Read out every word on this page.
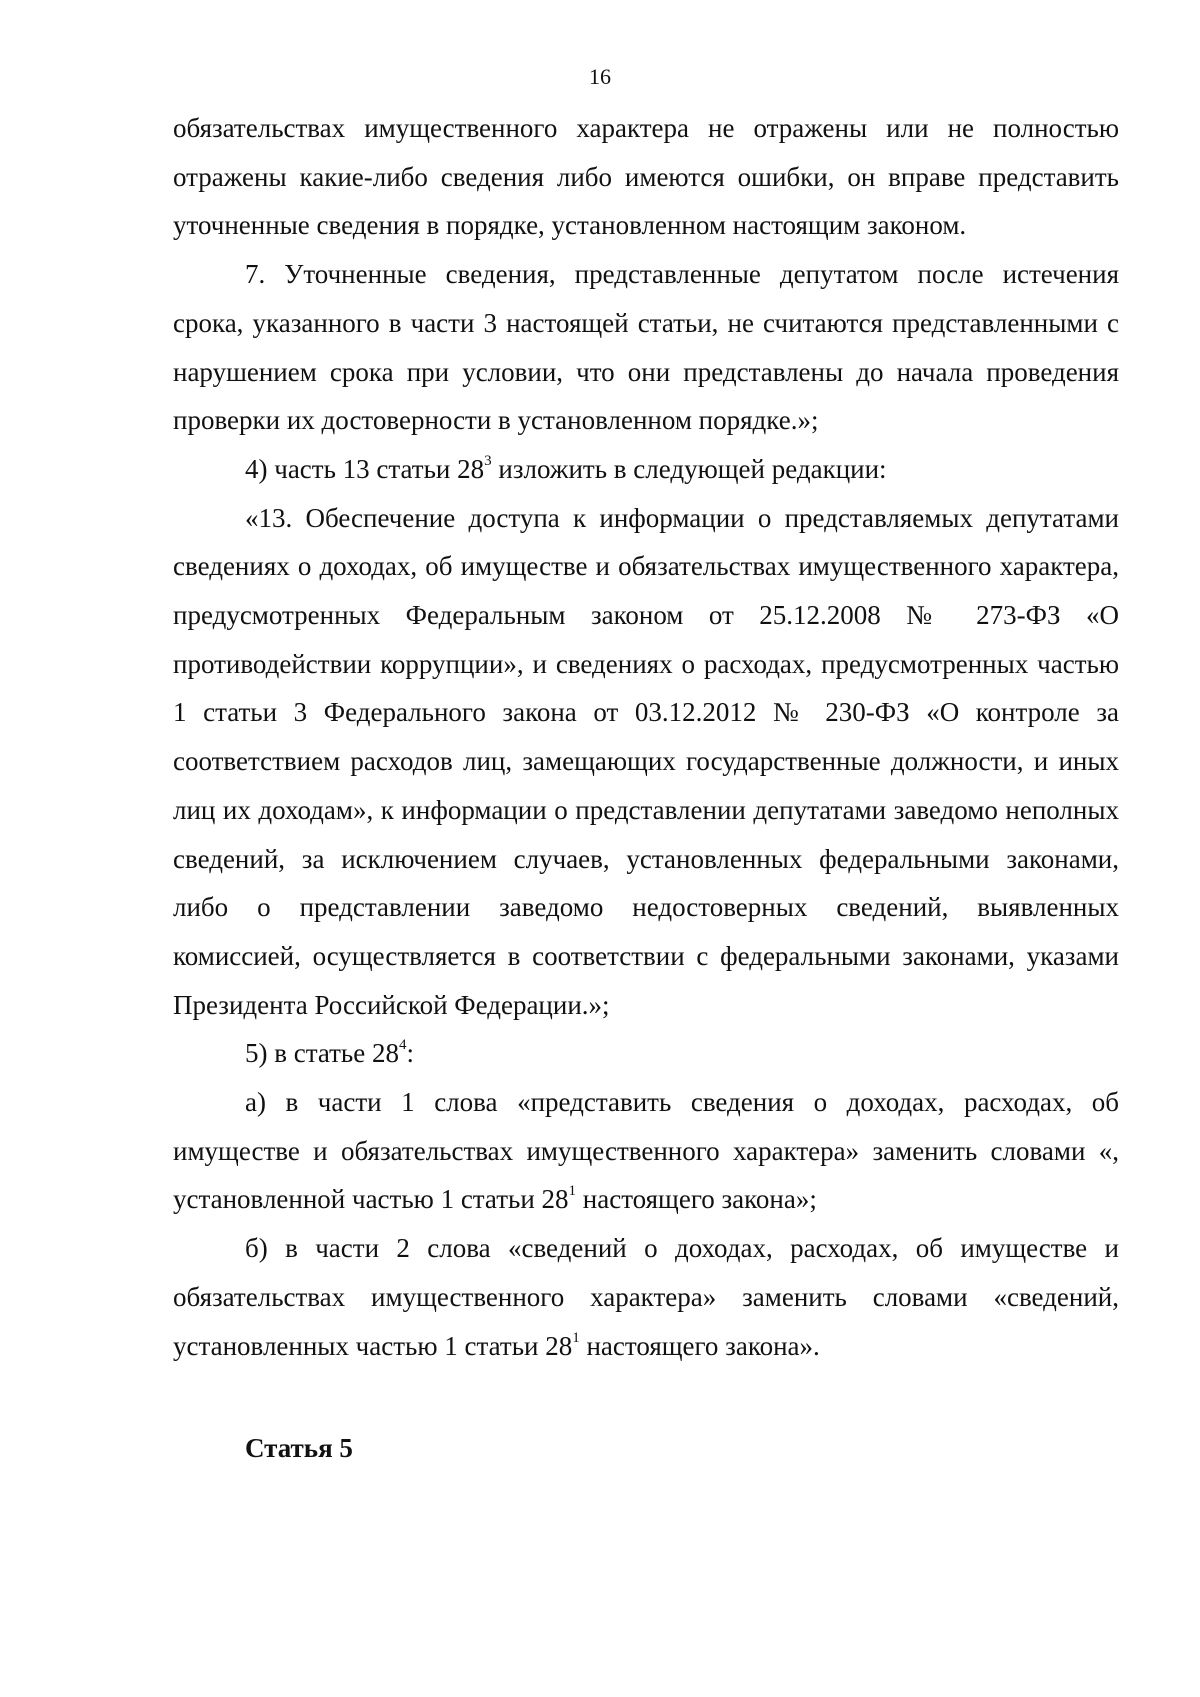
16

обязательствах имущественного характера не отражены или не полностью отражены какие-либо сведения либо имеются ошибки, он вправе представить уточненные сведения в порядке, установленном настоящим законом.

7. Уточненные сведения, представленные депутатом после истечения срока, указанного в части 3 настоящей статьи, не считаются представленными с нарушением срока при условии, что они представлены до начала проведения проверки их достоверности в установленном порядке.»;

4) часть 13 статьи $28^3$ изложить в следующей редакции:

«13. Обеспечение доступа к информации о представляемых депутатами сведениях о доходах, об имуществе и обязательствах имущественного характера, предусмотренных Федеральным законом от 25.12.2008 № 273-ФЗ «О противодействии коррупции», и сведениях о расходах, предусмотренных частью 1 статьи 3 Федерального закона от 03.12.2012 № 230-ФЗ «О контроле за соответствием расходов лиц, замещающих государственные должности, и иных лиц их доходам», к информации о представлении депутатами заведомо неполных сведений, за исключением случаев, установленных федеральными законами, либо о представлении заведомо недостоверных сведений, выявленных комиссией, осуществляется в соответствии с федеральными законами, указами Президента Российской Федерации.»;

5) в статье $28^4$:

а) в части 1 слова «представить сведения о доходах, расходах, об имуществе и обязательствах имущественного характера» заменить словами «, установленной частью 1 статьи $28^1$ настоящего закона»;

б) в части 2 слова «сведений о доходах, расходах, об имуществе и обязательствах имущественного характера» заменить словами «сведений, установленных частью 1 статьи $28^1$ настоящего закона».

Статья 5
